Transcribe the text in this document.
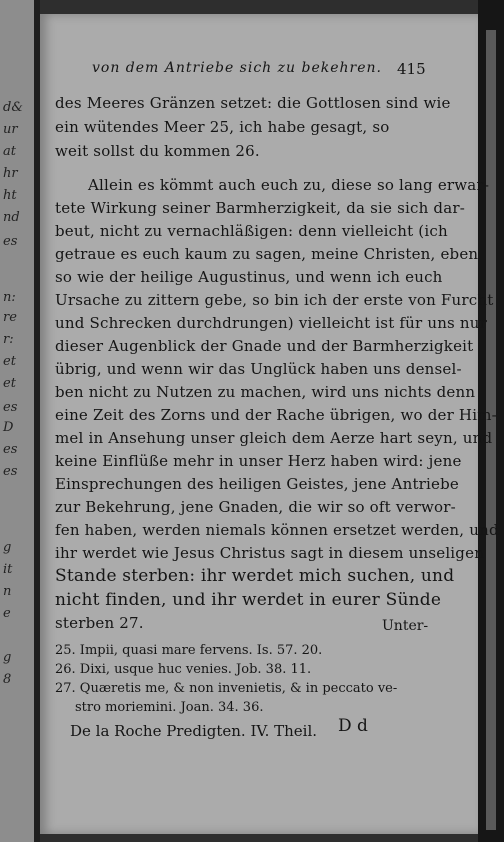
d&
ur
at
hr
ht
nd
es
n:
re
r:
et
et
es
D
es
es
g
it
n
e
g
8
von dem Antriebe sich zu bekehren. 415
des Meeres Gränzen setzet: die Gottlosen sind wie
ein wütendes Meer 25, ich habe gesagt, so
weit sollst du kommen 26.
Allein es kömmt auch euch zu, diese so lang erwar-
tete Wirkung seiner Barmherzigkeit, da sie sich dar-
beut, nicht zu vernachläßigen: denn vielleicht (ich
getraue es euch kaum zu sagen, meine Christen, eben
so wie der heilige Augustinus, und wenn ich euch
Ursache zu zittern gebe, so bin ich der erste von Furcht
und Schrecken durchdrungen) vielleicht ist für uns nur
dieser Augenblick der Gnade und der Barmherzigkeit
übrig, und wenn wir das Unglück haben uns densel-
ben nicht zu Nutzen zu machen, wird uns nichts denn
eine Zeit des Zorns und der Rache übrigen, wo der Him-
mel in Ansehung unser gleich dem Aerze hart seyn, und
keine Einflüße mehr in unser Herz haben wird: jene
Einsprechungen des heiligen Geistes, jene Antriebe
zur Bekehrung, jene Gnaden, die wir so oft verwor-
fen haben, werden niemals können ersetzet werden, und
ihr werdet wie Jesus Christus sagt in diesem unseligen
Stande sterben: ihr werdet mich suchen, und
nicht finden, und ihr werdet in eurer Sünde
sterben 27.	Unter-
25. Impii, quasi mare fervens. Is. 57. 20.
26. Dixi, usque huc venies. Job. 38. 11.
27. Quæretis me, & non invenietis, & in peccato ve-
stro moriemini. Joan. 34. 36.
De la Roche Predigten. IV. Theil. D d
